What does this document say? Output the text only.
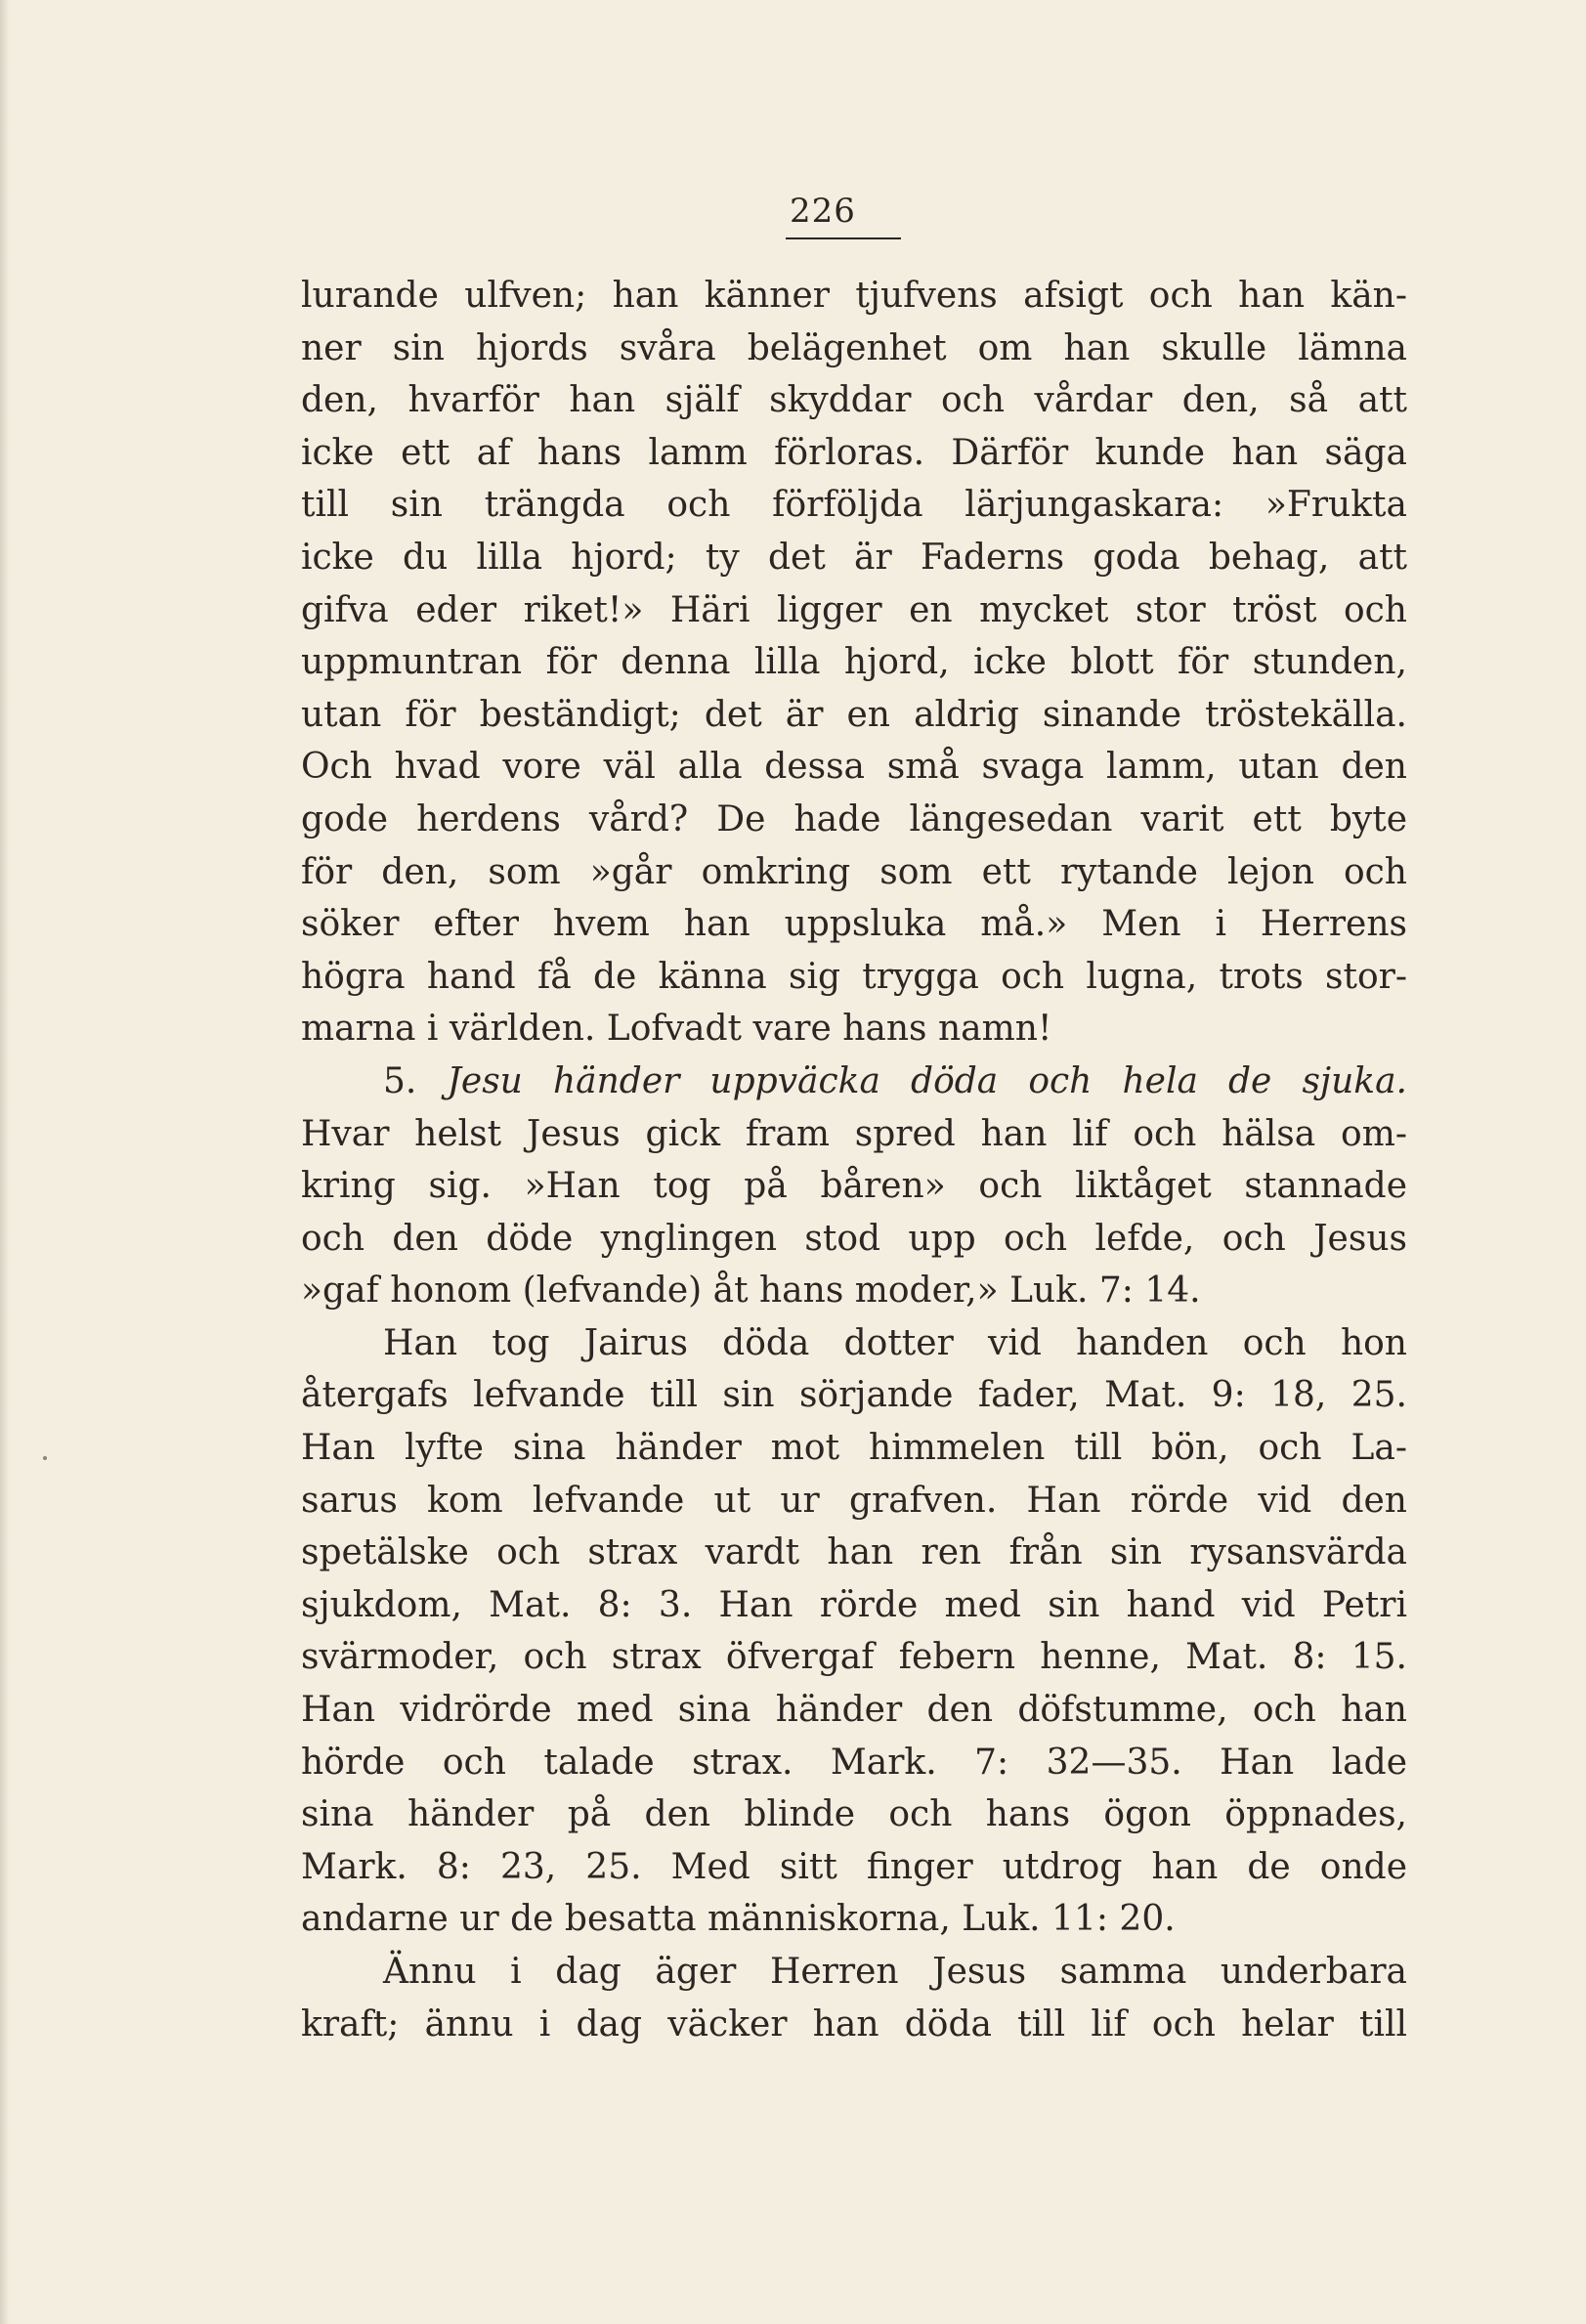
226
lurande ulfven; han känner tjufvens afsigt och han kän-
ner sin hjords svåra belägenhet om han skulle lämna
den, hvarför han själf skyddar och vårdar den, så att
icke ett af hans lamm förloras. Därför kunde han säga
till sin trängda och förföljda lärjungaskara: »Frukta
icke du lilla hjord; ty det är Faderns goda behag, att
gifva eder riket!» Häri ligger en mycket stor tröst och
uppmuntran för denna lilla hjord, icke blott för stunden,
utan för beständigt; det är en aldrig sinande tröstekälla.
Och hvad vore väl alla dessa små svaga lamm, utan den
gode herdens vård? De hade längesedan varit ett byte
för den, som »går omkring som ett rytande lejon och
söker efter hvem han uppsluka må.» Men i Herrens
högra hand få de känna sig trygga och lugna, trots stor-
marna i världen. Lofvadt vare hans namn!
5. Jesu händer uppväcka döda och hela de sjuka.
Hvar helst Jesus gick fram spred han lif och hälsa om-
kring sig. »Han tog på båren» och liktåget stannade
och den döde ynglingen stod upp och lefde, och Jesus
»gaf honom (lefvande) åt hans moder,» Luk. 7: 14.
Han tog Jairus döda dotter vid handen och hon
återgafs lefvande till sin sörjande fader, Mat. 9: 18, 25.
Han lyfte sina händer mot himmelen till bön, och La-
sarus kom lefvande ut ur grafven. Han rörde vid den
spetälske och strax vardt han ren från sin rysansvärda
sjukdom, Mat. 8: 3. Han rörde med sin hand vid Petri
svärmoder, och strax öfvergaf febern henne, Mat. 8: 15.
Han vidrörde med sina händer den döfstumme, och han
hörde och talade strax. Mark. 7: 32—35. Han lade
sina händer på den blinde och hans ögon öppnades,
Mark. 8: 23, 25. Med sitt finger utdrog han de onde
andarne ur de besatta människorna, Luk. 11: 20.
Ännu i dag äger Herren Jesus samma underbara
kraft; ännu i dag väcker han döda till lif och helar till
